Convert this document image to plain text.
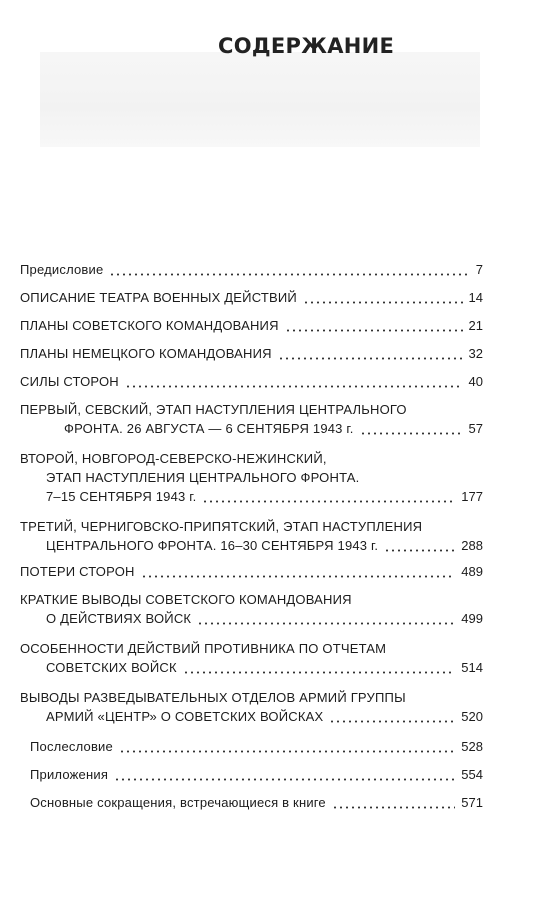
СОДЕРЖАНИЕ
Предисловие	7
ОПИСАНИЕ ТЕАТРА ВОЕННЫХ ДЕЙСТВИЙ	14
ПЛАНЫ СОВЕТСКОГО КОМАНДОВАНИЯ	21
ПЛАНЫ НЕМЕЦКОГО КОМАНДОВАНИЯ	32
СИЛЫ СТОРОН	40
ПЕРВЫЙ, СЕВСКИЙ, ЭТАП НАСТУПЛЕНИЯ ЦЕНТРАЛЬНОГО
ФРОНТА. 26 АВГУСТА — 6 СЕНТЯБРЯ 1943 г.	57
ВТОРОЙ, НОВГОРОД-СЕВЕРСКО-НЕЖИНСКИЙ,
ЭТАП НАСТУПЛЕНИЯ ЦЕНТРАЛЬНОГО ФРОНТА.
7–15 СЕНТЯБРЯ 1943 г.	177
ТРЕТИЙ, ЧЕРНИГОВСКО-ПРИПЯТСКИЙ, ЭТАП НАСТУПЛЕНИЯ
ЦЕНТРАЛЬНОГО ФРОНТА. 16–30 СЕНТЯБРЯ 1943 г.	288
ПОТЕРИ СТОРОН	489
КРАТКИЕ ВЫВОДЫ СОВЕТСКОГО КОМАНДОВАНИЯ
О ДЕЙСТВИЯХ ВОЙСК	499
ОСОБЕННОСТИ ДЕЙСТВИЙ ПРОТИВНИКА ПО ОТЧЕТАМ
СОВЕТСКИХ ВОЙСК	514
ВЫВОДЫ РАЗВЕДЫВАТЕЛЬНЫХ ОТДЕЛОВ АРМИЙ ГРУППЫ
АРМИЙ «ЦЕНТР» О СОВЕТСКИХ ВОЙСКАХ	520
Послесловие	528
Приложения	554
Основные сокращения, встречающиеся в книге	571
